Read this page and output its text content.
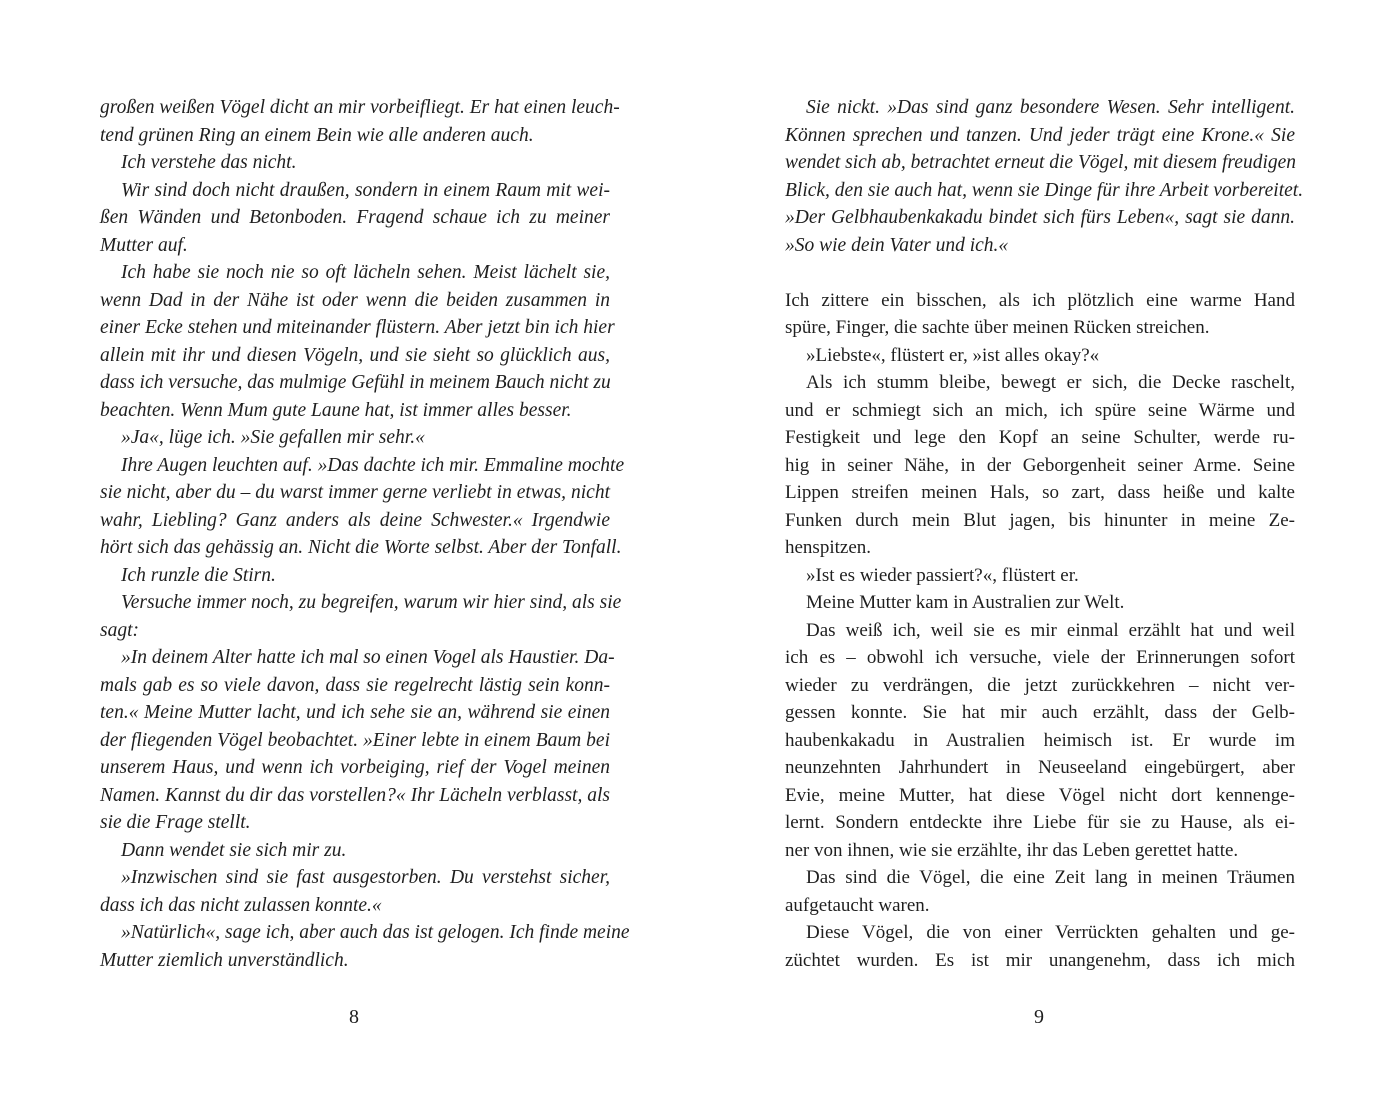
großen weißen Vögel dicht an mir vorbeifliegt. Er hat einen leuch-
tend grünen Ring an einem Bein wie alle anderen auch.
Ich verstehe das nicht.
Wir sind doch nicht draußen, sondern in einem Raum mit wei-
ßen Wänden und Betonboden. Fragend schaue ich zu meiner
Mutter auf.
Ich habe sie noch nie so oft lächeln sehen. Meist lächelt sie,
wenn Dad in der Nähe ist oder wenn die beiden zusammen in
einer Ecke stehen und miteinander flüstern. Aber jetzt bin ich hier
allein mit ihr und diesen Vögeln, und sie sieht so glücklich aus,
dass ich versuche, das mulmige Gefühl in meinem Bauch nicht zu
beachten. Wenn Mum gute Laune hat, ist immer alles besser.
»Ja«, lüge ich. »Sie gefallen mir sehr.«
Ihre Augen leuchten auf. »Das dachte ich mir. Emmaline mochte
sie nicht, aber du – du warst immer gerne verliebt in etwas, nicht
wahr, Liebling? Ganz anders als deine Schwester.« Irgendwie
hört sich das gehässig an. Nicht die Worte selbst. Aber der Tonfall.
Ich runzle die Stirn.
Versuche immer noch, zu begreifen, warum wir hier sind, als sie
sagt:
»In deinem Alter hatte ich mal so einen Vogel als Haustier. Da-
mals gab es so viele davon, dass sie regelrecht lästig sein konn-
ten.« Meine Mutter lacht, und ich sehe sie an, während sie einen
der fliegenden Vögel beobachtet. »Einer lebte in einem Baum bei
unserem Haus, und wenn ich vorbeiging, rief der Vogel meinen
Namen. Kannst du dir das vorstellen?« Ihr Lächeln verblasst, als
sie die Frage stellt.
Dann wendet sie sich mir zu.
»Inzwischen sind sie fast ausgestorben. Du verstehst sicher,
dass ich das nicht zulassen konnte.«
»Natürlich«, sage ich, aber auch das ist gelogen. Ich finde meine
Mutter ziemlich unverständlich.
Sie nickt. »Das sind ganz besondere Wesen. Sehr intelligent.
Können sprechen und tanzen. Und jeder trägt eine Krone.« Sie
wendet sich ab, betrachtet erneut die Vögel, mit diesem freudigen
Blick, den sie auch hat, wenn sie Dinge für ihre Arbeit vorbereitet.
»Der Gelbhaubenkakadu bindet sich fürs Leben«, sagt sie dann.
»So wie dein Vater und ich.«
Ich zittere ein bisschen, als ich plötzlich eine warme Hand
spüre, Finger, die sachte über meinen Rücken streichen.
»Liebste«, flüstert er, »ist alles okay?«
Als ich stumm bleibe, bewegt er sich, die Decke raschelt,
und er schmiegt sich an mich, ich spüre seine Wärme und
Festigkeit und lege den Kopf an seine Schulter, werde ru-
hig in seiner Nähe, in der Geborgenheit seiner Arme. Seine
Lippen streifen meinen Hals, so zart, dass heiße und kalte
Funken durch mein Blut jagen, bis hinunter in meine Ze-
henspitzen.
»Ist es wieder passiert?«, flüstert er.
Meine Mutter kam in Australien zur Welt.
Das weiß ich, weil sie es mir einmal erzählt hat und weil
ich es – obwohl ich versuche, viele der Erinnerungen sofort
wieder zu verdrängen, die jetzt zurückkehren – nicht ver-
gessen konnte. Sie hat mir auch erzählt, dass der Gelb-
haubenkakadu in Australien heimisch ist. Er wurde im
neunzehnten Jahrhundert in Neuseeland eingebürgert, aber
Evie, meine Mutter, hat diese Vögel nicht dort kennenge-
lernt. Sondern entdeckte ihre Liebe für sie zu Hause, als ei-
ner von ihnen, wie sie erzählte, ihr das Leben gerettet hatte.
Das sind die Vögel, die eine Zeit lang in meinen Träumen
aufgetaucht waren.
Diese Vögel, die von einer Verrückten gehalten und ge-
züchtet wurden. Es ist mir unangenehm, dass ich mich
8	9
